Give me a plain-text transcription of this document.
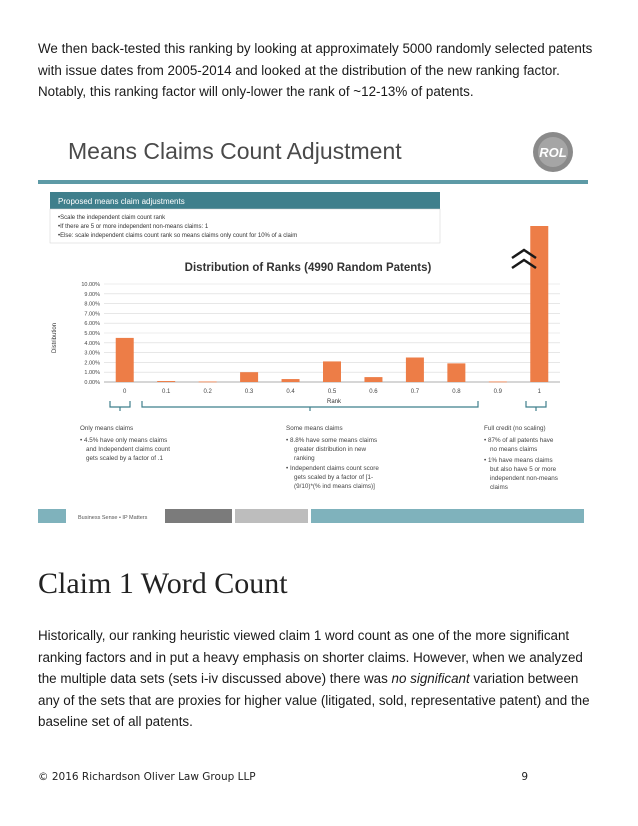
We then back-tested this ranking by looking at approximately 5000 randomly selected patents with issue dates from 2005-2014 and looked at the distribution of the new ranking factor. Notably, this ranking factor will only-lower the rank of ~12-13% of patents.
Means Claims Count Adjustment	ROL
Proposed means claim adjustments
•Scale the independent claim count rank
•If there are 5 or more independent non-means claims: 1
•Else: scale independent claims count rank so means claims only count for 10% of a claim
Distribution of Ranks (4990 Random Patents)
0.00%
1.00%
2.00%
3.00%
4.00%
5.00%
6.00%
7.00%
8.00%
9.00%
10.00%
0	0.1	0.2	0.3	0.4	0.5	0.6	0.7	0.8	0.9	1
Rank
Distribution
Only means claims
• 4.5% have only means claims
and Independent claims count
gets scaled by a factor of .1
Some means claims
• 8.8% have some means claims
greater distribution in new
ranking
• Independent claims count score
gets scaled by a factor of [1-
(9/10)*(% ind means claims)]
Full credit (no scaling)
• 87% of all patents have
no means claims
• 1% have means claims
but also have 5 or more
independent non-means
claims
Business Sense • IP Matters
Claim 1 Word Count
Historically, our ranking heuristic viewed claim 1 word count as one of the more significant ranking factors and in put a heavy emphasis on shorter claims. However, when we analyzed the multiple data sets (sets i-iv discussed above) there was no significant variation between any of the sets that are proxies for higher value (litigated, sold, representative patent) and the baseline set of all patents.
© 2016 Richardson Oliver Law Group LLP	9
